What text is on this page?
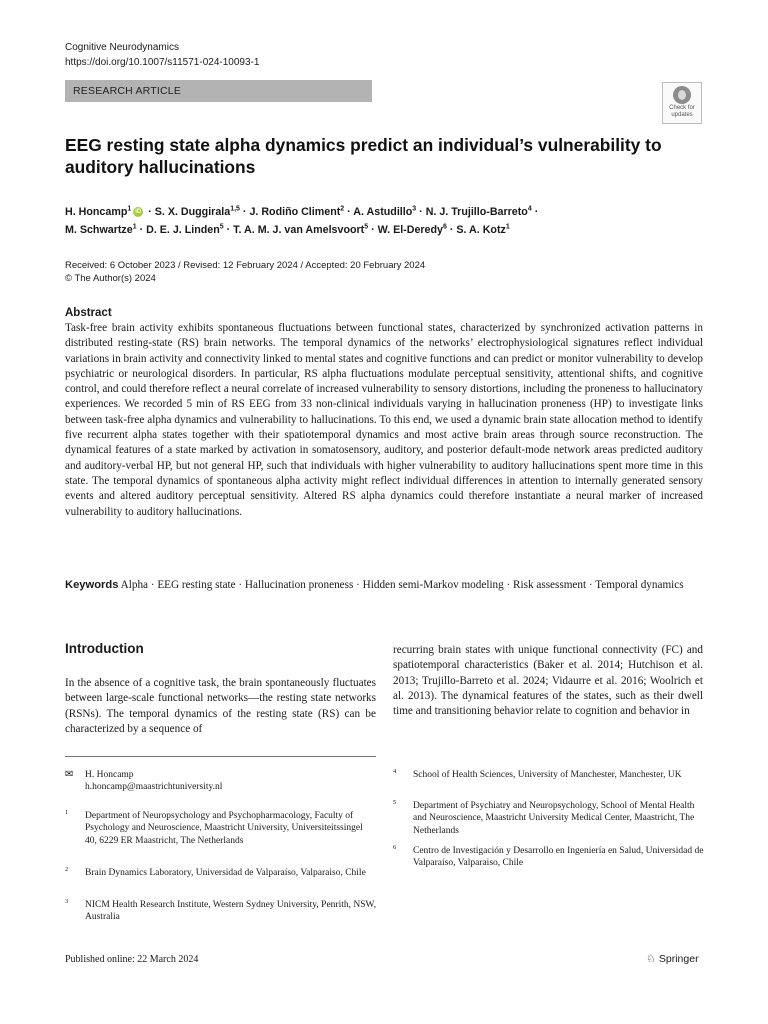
Cognitive Neurodynamics
https://doi.org/10.1007/s11571-024-10093-1
RESEARCH ARTICLE
Check for
updates
EEG resting state alpha dynamics predict an individual’s vulnerability to auditory hallucinations
H. Honcamp$^1$ iD · S. X. Duggirala$^{1,5}$ · J. Rodiño Climent$^2$ · A. Astudillo$^3$ · N. J. Trujillo-Barreto$^4$ ·
M. Schwartze$^1$ · D. E. J. Linden$^5$ · T. A. M. J. van Amelsvoort$^5$ · W. El-Deredy$^6$ · S. A. Kotz$^1$
Received: 6 October 2023 / Revised: 12 February 2024 / Accepted: 20 February 2024
© The Author(s) 2024
Abstract

Task-free brain activity exhibits spontaneous fluctuations between functional states, characterized by synchronized activation patterns in distributed resting-state (RS) brain networks. The temporal dynamics of the networks’ electrophysiological signatures reflect individual variations in brain activity and connectivity linked to mental states and cognitive functions and can predict or monitor vulnerability to develop psychiatric or neurological disorders. In particular, RS alpha fluctuations modulate perceptual sensitivity, attentional shifts, and cognitive control, and could therefore reflect a neural correlate of increased vulnerability to sensory distortions, including the proneness to hallucinatory experiences. We recorded 5 min of RS EEG from 33 non-clinical individuals varying in hallucination proneness (HP) to investigate links between task-free alpha dynamics and vulnerability to hallucinations. To this end, we used a dynamic brain state allocation method to identify five recurrent alpha states together with their spatiotemporal dynamics and most active brain areas through source reconstruction. The dynamical features of a state marked by activation in somatosensory, auditory, and posterior default-mode network areas predicted auditory and auditory-verbal HP, but not general HP, such that individuals with higher vulnerability to auditory hallucinations spent more time in this state. The temporal dynamics of spontaneous alpha activity might reflect individual differences in attention to internally generated sensory events and altered auditory perceptual sensitivity. Altered RS alpha dynamics could therefore instantiate a neural marker of increased vulnerability to auditory hallucinations.

Keywords Alpha · EEG resting state · Hallucination proneness · Hidden semi-Markov modeling · Risk assessment · Temporal dynamics
Introduction

In the absence of a cognitive task, the brain spontaneously fluctuates between large-scale functional networks—the resting state networks (RSNs). The temporal dynamics of the resting state (RS) can be characterized by a sequence of

recurring brain states with unique functional connectivity (FC) and spatiotemporal characteristics (Baker et al. 2014; Hutchison et al. 2013; Trujillo-Barreto et al. 2024; Vidaurre et al. 2016; Woolrich et al. 2013). The dynamical features of the states, such as their dwell time and transitioning behavior relate to cognition and behavior in

✉ H. Honcamp
h.honcamp@maastrichtuniversity.nl
1 Department of Neuropsychology and Psychopharmacology, Faculty of Psychology and Neuroscience, Maastricht University, Universiteitssingel 40, 6229 ER Maastricht, The Netherlands
2 Brain Dynamics Laboratory, Universidad de Valparaíso, Valparaiso, Chile
3 NICM Health Research Institute, Western Sydney University, Penrith, NSW, Australia
4 School of Health Sciences, University of Manchester, Manchester, UK
5 Department of Psychiatry and Neuropsychology, School of Mental Health and Neuroscience, Maastricht University Medical Center, Maastricht, The Netherlands
6 Centro de Investigación y Desarrollo en Ingeniería en Salud, Universidad de Valparaíso, Valparaiso, Chile
Published online: 22 March 2024	♘ Springer
